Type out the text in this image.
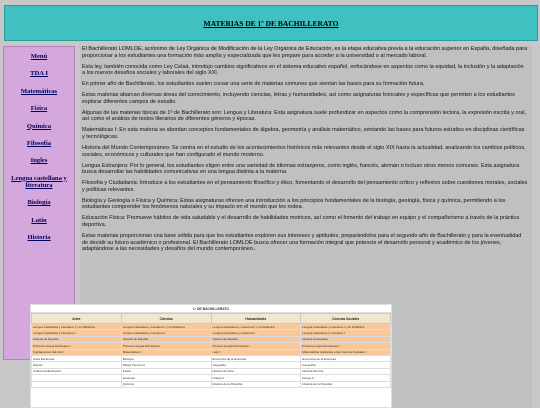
MATERIAS DE 1º DE BACHILLERATO
Menú
TDA I
Matemáticas
Física
Química
Filosofía
Ingles
Lengua castellana y literatura
Biología
Latín
Historia

El Bachillerato LOMLOE, acrónimo de Ley Orgánica de Modificación de la Ley Orgánica de Educación, es la etapa educativa previa a la educación superior en España, diseñada para proporcionar a los estudiantes una formación más amplia y especializada que les prepare para acceder a la universidad o al mercado laboral.

Esta ley, también conocida como Ley Celaá, introdujo cambios significativos en el sistema educativo español, enfocándose en aspectos como la equidad, la inclusión y la adaptación a los nuevos desafíos sociales y laborales del siglo XXI.

En primer año de Bachillerato, los estudiantes suelen cursar una serie de materias comunes que sientan las bases para su formación futura.

Estas materias abarcan diversas áreas del conocimiento, incluyendo ciencias, letras y humanidades, así como asignaturas troncales y específicas que permiten a los estudiantes explorar diferentes campos de estudio.

Algunas de las materias típicas de 1º de Bachillerato son: Lengua y Literatura: Esta asignatura suele profundizar en aspectos como la comprensión lectora, la expresión escrita y oral, así como el análisis de textos literarios de diferentes géneros y épocas.

Matemáticas I: En esta materia se abordan conceptos fundamentales de álgebra, geometría y análisis matemático, sentando las bases para futuros estudios en disciplinas científicas y tecnológicas.

Historia del Mundo Contemporáneo: Se centra en el estudio de los acontecimientos históricos más relevantes desde el siglo XIX hasta la actualidad, analizando los cambios políticos, sociales, económicos y culturales que han configurado el mundo moderno.

Lengua Extranjera: Por lo general, los estudiantes eligen entre una variedad de idiomas extranjeros, como inglés, francés, alemán o incluso otros menos comunes. Esta asignatura busca desarrollar las habilidades comunicativas en una lengua distinta a la materna.

Filosofía y Ciudadanía: Introduce a los estudiantes en el pensamiento filosófico y ético, fomentando el desarrollo del pensamiento crítico y reflexivo sobre cuestiones morales, sociales y políticas relevantes.

Biología y Geología o Física y Química: Estas asignaturas ofrecen una introducción a los principios fundamentales de la biología, geología, física y química, permitiendo a los estudiantes comprender los fenómenos naturales y su impacto en el mundo que les rodea.

Educación Física: Promueve hábitos de vida saludable y el desarrollo de habilidades motrices, así como el fomento del trabajo en equipo y el compañerismo a través de la práctica deportiva.

Estas materias proporcionan una base sólida para que los estudiantes exploren sus intereses y aptitudes, preparándolos para el segundo año de Bachillerato y para la eventualidad de decidir su futuro académico o profesional. El Bachillerato LOMLOE busca ofrecer una formación integral que potencie el desarrollo personal y académico de los jóvenes, adaptándose a las necesidades y desafíos del mundo contemporáneo..

1º DE BACHILLERATO
Artes	Ciencias	Humanidades	Ciencias Sociales
Lengua Castellana y Literatura I y su Didáctica	Lengua Castellana y Literatura I y su Didáctica	Lengua Castellana y Literatura I y su Didáctica	Lengua Castellana y Literatura I y su Didáctica
Lengua Castellana y Literatura I	Lengua Castellana y Literatura I	Lengua Castellana y Literatura I	Lengua Castellana y Literatura I
Historia de España	Historia de España	Historia de España	Historia de España
Primera Lengua Extranjera I	Primera Lengua Extranjera I	Primera Lengua Extranjera I	Primera Lengua Extranjera I
Fundamentos del Arte I	Matemáticas I	Latín I	Matemáticas Aplicadas a las Ciencias Sociales I
Artes Escénicas	Biología	Economía de la Empresa	Economía de la Empresa
Diseño	Dibujo Técnico II	Geografía	Geografía
Cultura Audiovisual II	Física	Historia del Arte	Historia del Arte
	Geología	Griego II	Griego II
	Química	Historia de la Filosofía	Historia de la Filosofía
